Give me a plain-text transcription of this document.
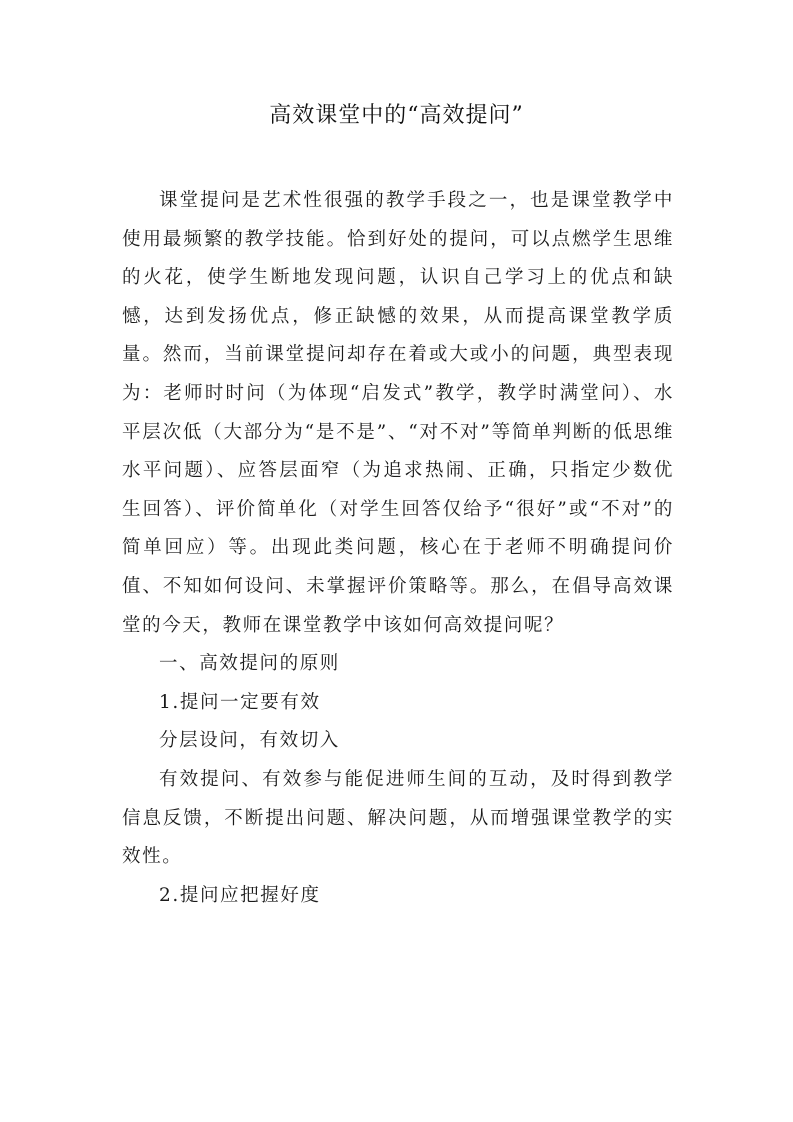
高效课堂中的“高效提问”

课堂提问是艺术性很强的教学手段之一，也是课堂教学中使用最频繁的教学技能。恰到好处的提问，可以点燃学生思维的火花，使学生断地发现问题，认识自己学习上的优点和缺憾，达到发扬优点，修正缺憾的效果，从而提高课堂教学质量。然而，当前课堂提问却存在着或大或小的问题，典型表现为：老师时时问（为体现“启发式”教学，教学时满堂问）、水平层次低（大部分为“是不是”、“对不对”等简单判断的低思维水平问题）、应答层面窄（为追求热闹、正确，只指定少数优生回答）、评价简单化（对学生回答仅给予“很好”或“不对”的简单回应）等。出现此类问题，核心在于老师不明确提问价值、不知如何设问、未掌握评价策略等。那么，在倡导高效课堂的今天，教师在课堂教学中该如何高效提问呢？

一、高效提问的原则

1.提问一定要有效

分层设问，有效切入

有效提问、有效参与能促进师生间的互动，及时得到教学信息反馈，不断提出问题、解决问题，从而增强课堂教学的实效性。

2.提问应把握好度
